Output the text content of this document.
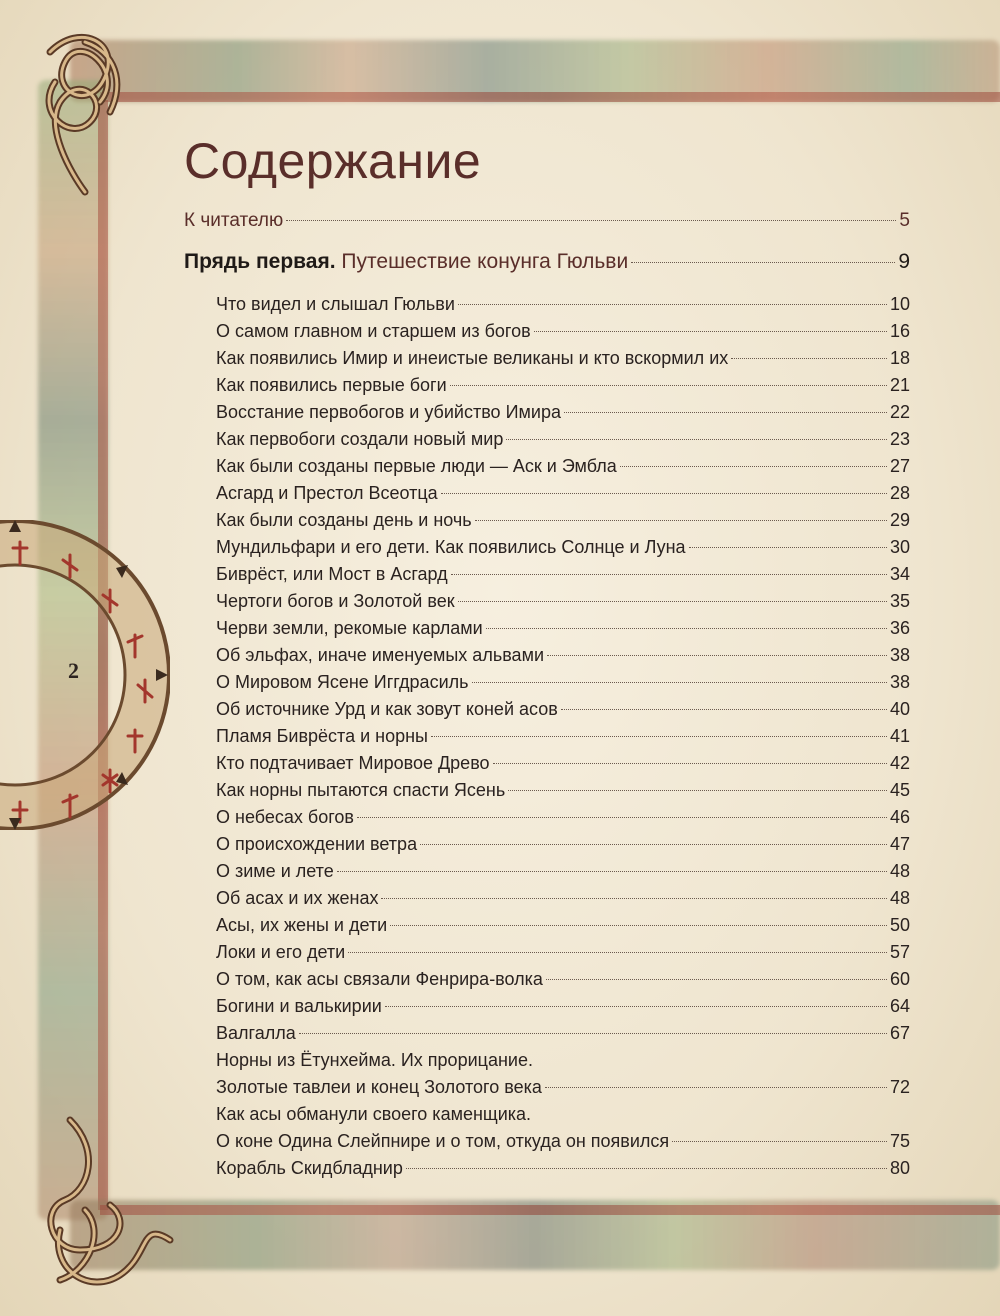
2
Содержание
К читателю	5
Прядь первая. Путешествие конунга Гюльви	9
Что видел и слышал Гюльви	10
О самом главном и старшем из богов	16
Как появились Имир и инеистые великаны и кто вскормил их	18
Как появились первые боги	21
Восстание первобогов и убийство Имира	22
Как первобоги создали новый мир	23
Как были созданы первые люди — Аск и Эмбла	27
Асгард и Престол Всеотца	28
Как были созданы день и ночь	29
Мундильфари и его дети. Как появились Солнце и Луна	30
Биврёст, или Мост в Асгард	34
Чертоги богов и Золотой век	35
Черви земли, рекомые карлами	36
Об эльфах, иначе именуемых альвами	38
О Мировом Ясене Иггдрасиль	38
Об источнике Урд и как зовут коней асов	40
Пламя Биврёста и норны	41
Кто подтачивает Мировое Древо	42
Как норны пытаются спасти Ясень	45
О небесах богов	46
О происхождении ветра	47
О зиме и лете	48
Об асах и их женах	48
Асы, их жены и дети	50
Локи и его дети	57
О том, как асы связали Фенрира-волка	60
Богини и валькирии	64
Валгалла	67
Норны из Ётунхейма. Их прорицание.
Золотые тавлеи и конец Золотого века	72
Как асы обманули своего каменщика.
О коне Одина Слейпнире и о том, откуда он появился	75
Корабль Скидбладнир	80
